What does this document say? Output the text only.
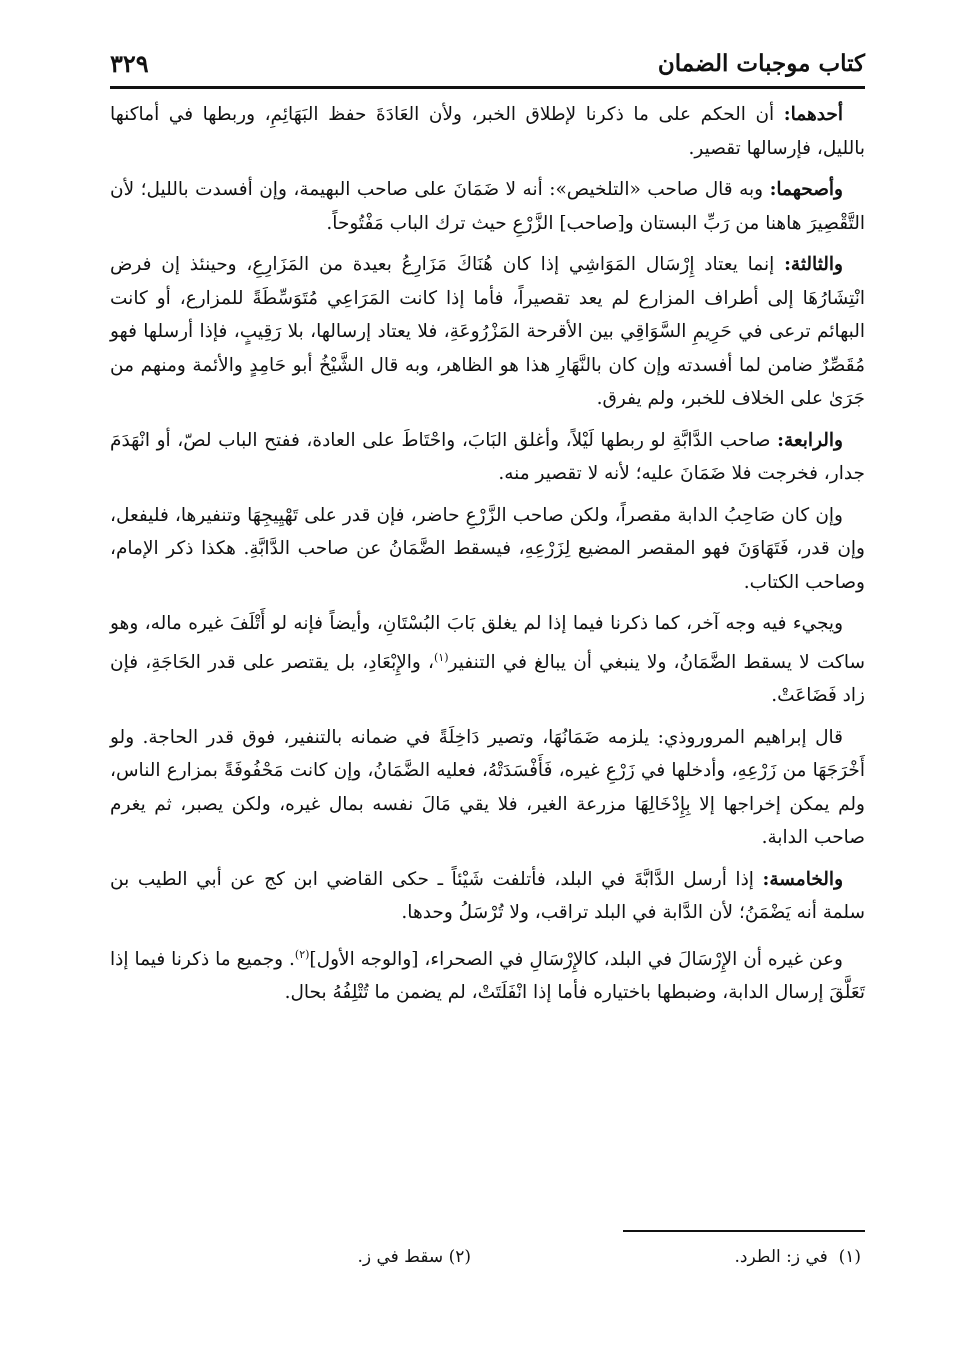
كتاب موجبات الضمان
٣٢٩

أحدهما: أن الحكم على ما ذكرنا لإطلاق الخبر، ولأن العَادَةَ حفظ البَهَائِمِ، وربطها في أماكنها بالليل، فإرسالها تقصير.

وأصحهما: وبه قال صاحب «التلخيص»: أنه لا ضَمَانَ على صاحب البهيمة، وإن أفسدت بالليل؛ لأن التَّقْصِيرَ هاهنا من رَبِّ البستان و[صاحب] الزَّرْعِ حيث ترك الباب مَفْتُوحاً.

والثالثة: إنما يعتاد إِرْسَال المَوَاشِي إذا كان هُنَاكَ مَزَارِعُ بعيدة من المَزَارِعِ، وحينئذ إن فرض انْتِشَارُهَا إلى أطراف المزارع لم يعد تقصيراً، فأما إذا كانت المَرَاعِي مُتَوَسِّطَةً للمزارع، أو كانت البهائم ترعى في حَرِيمِ السَّوَاقِي بين الأقرحة المَزْرُوعَةِ، فلا يعتاد إرسالها، بلا رَقِيبٍ، فإذا أرسلها فهو مُقَصِّرٌ ضامن لما أفسدته وإن كان بالنَّهَارِ هذا هو الظاهر، وبه قال الشَّيْخُ أبو حَامِدٍ والأئمة ومنهم من جَرَىٰ على الخلاف للخبر، ولم يفرق.

والرابعة: صاحب الدَّابَّةِ لو ربطها لَيْلاً، وأغلق البَابَ، واحْتَاطَ على العادة، ففتح الباب لصّ، أو انْهَدَمَ جدار، فخرجت فلا ضَمَانَ عليه؛ لأنه لا تقصير منه.

وإن كان صَاحِبُ الدابة مقصراً، ولكن صاحب الزَّرْعِ حاضر، فإن قدر على تَهْيِيجِهَا وتنفيرها، فليفعل، وإن قدر، فَتَهَاوَنَ فهو المقصر المضيع لِزَرْعِهِ، فيسقط الضَّمَانُ عن صاحب الدَّابَّةِ. هكذا ذكر الإمام، وصاحب الكتاب.

ويجيء فيه وجه آخر، كما ذكرنا فيما إذا لم يغلق بَابَ البُسْتَانِ، وأيضاً فإنه لو أَتْلَفَ غيره ماله، وهو ساكت لا يسقط الضَّمَانُ، ولا ينبغي أن يبالغ في التنفير$^{(١)}$، والإِبْعَادِ، بل يقتصر على قدر الحَاجَةِ، فإن زاد فَضَاعَتْ.

قال إبراهيم المروروذي: يلزمه ضَمَانُهَا، وتصير دَاخِلَةً في ضمانه بالتنفير، فوق قدر الحاجة. ولو أَخْرَجَهَا من زَرْعِهِ، وأدخلها في زَرْعِ غيره، فَأَفْسَدَتْهُ، فعليه الضَّمَانُ، وإن كانت مَحْفُوفَةً بمزارع الناس، ولم يمكن إخراجها إلا بِإِدْخَالِهَا مزرعة الغير، فلا يقي مَالَ نفسه بمال غيره، ولكن يصبر، ثم يغرم صاحب الدابة.

والخامسة: إذا أرسل الدَّابَّةَ في البلد، فأتلفت شَيْئاً ـ حكى القاضي ابن كج عن أبي الطيب بن سلمة أنه يَضْمَنُ؛ لأن الدَّابة في البلد تراقب، ولا تُرْسَلُ وحدها.

وعن غيره أن الإِرْسَالَ في البلد، كالإِرْسَالِ في الصحراء، [والوجه الأول]$^{(٢)}$. وجميع ما ذكرنا فيما إذا تَعَلَّقَ إرسال الدابة، وضبطها باختياره فأما إذا انْفَلَتَتْ، لم يضمن ما تُتْلِفُهُ بحال.

(١)  في ز: الطرد.
(٢) سقط في ز.
